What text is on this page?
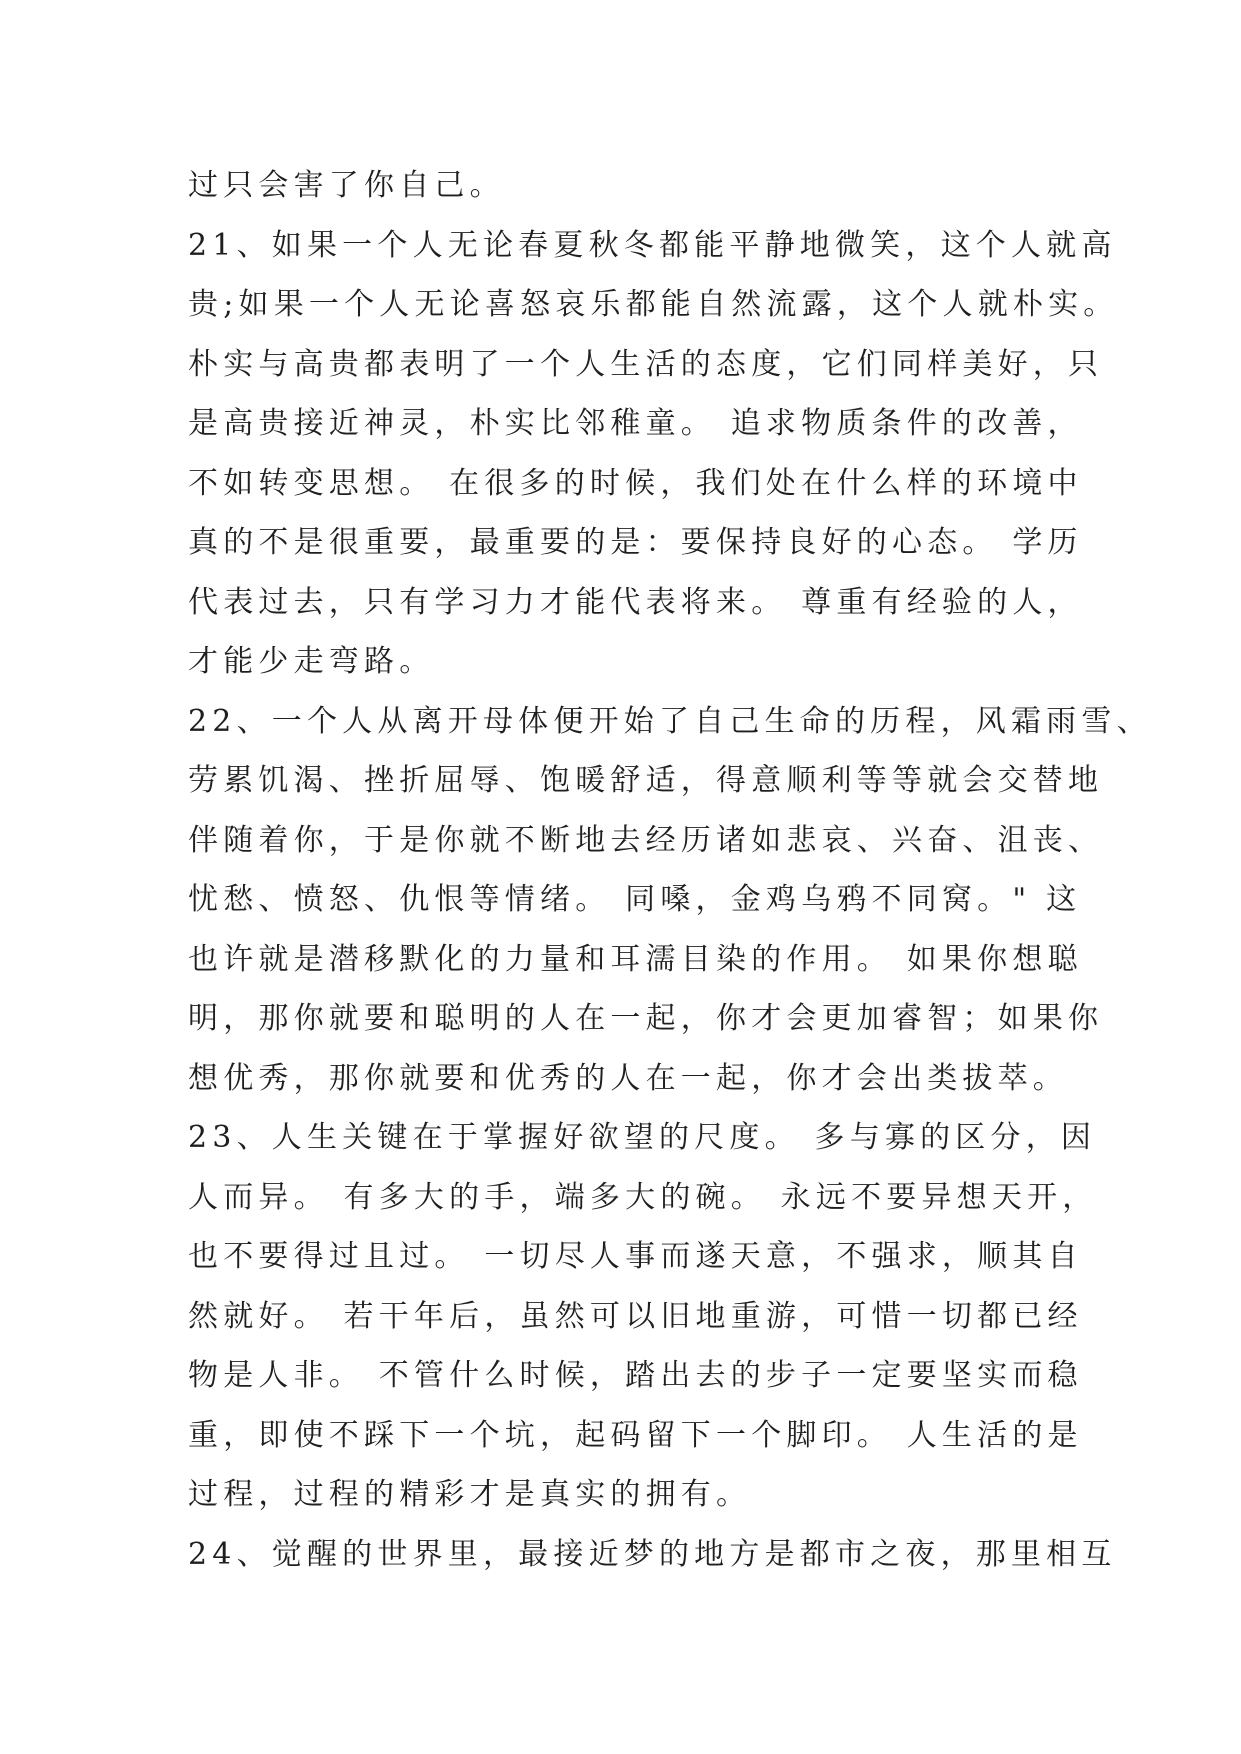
过只会害了你自己。
21、如果一个人无论春夏秋冬都能平静地微笑，这个人就高
贵;如果一个人无论喜怒哀乐都能自然流露，这个人就朴实。
朴实与高贵都表明了一个人生活的态度，它们同样美好，只
是高贵接近神灵，朴实比邻稚童。 追求物质条件的改善，
不如转变思想。 在很多的时候，我们处在什么样的环境中
真的不是很重要，最重要的是：要保持良好的心态。 学历
代表过去，只有学习力才能代表将来。 尊重有经验的人，
才能少走弯路。
22、一个人从离开母体便开始了自己生命的历程，风霜雨雪、
劳累饥渴、挫折屈辱、饱暖舒适，得意顺利等等就会交替地
伴随着你，于是你就不断地去经历诸如悲哀、兴奋、沮丧、
忧愁、愤怒、仇恨等情绪。 同嗓，金鸡乌鸦不同窝。" 这
也许就是潜移默化的力量和耳濡目染的作用。 如果你想聪
明，那你就要和聪明的人在一起，你才会更加睿智；如果你
想优秀，那你就要和优秀的人在一起，你才会出类拔萃。
23、人生关键在于掌握好欲望的尺度。 多与寡的区分，因
人而异。 有多大的手，端多大的碗。 永远不要异想天开，
也不要得过且过。 一切尽人事而遂天意，不强求，顺其自
然就好。 若干年后，虽然可以旧地重游，可惜一切都已经
物是人非。 不管什么时候，踏出去的步子一定要坚实而稳
重，即使不踩下一个坑，起码留下一个脚印。 人生活的是
过程，过程的精彩才是真实的拥有。
24、觉醒的世界里，最接近梦的地方是都市之夜，那里相互
